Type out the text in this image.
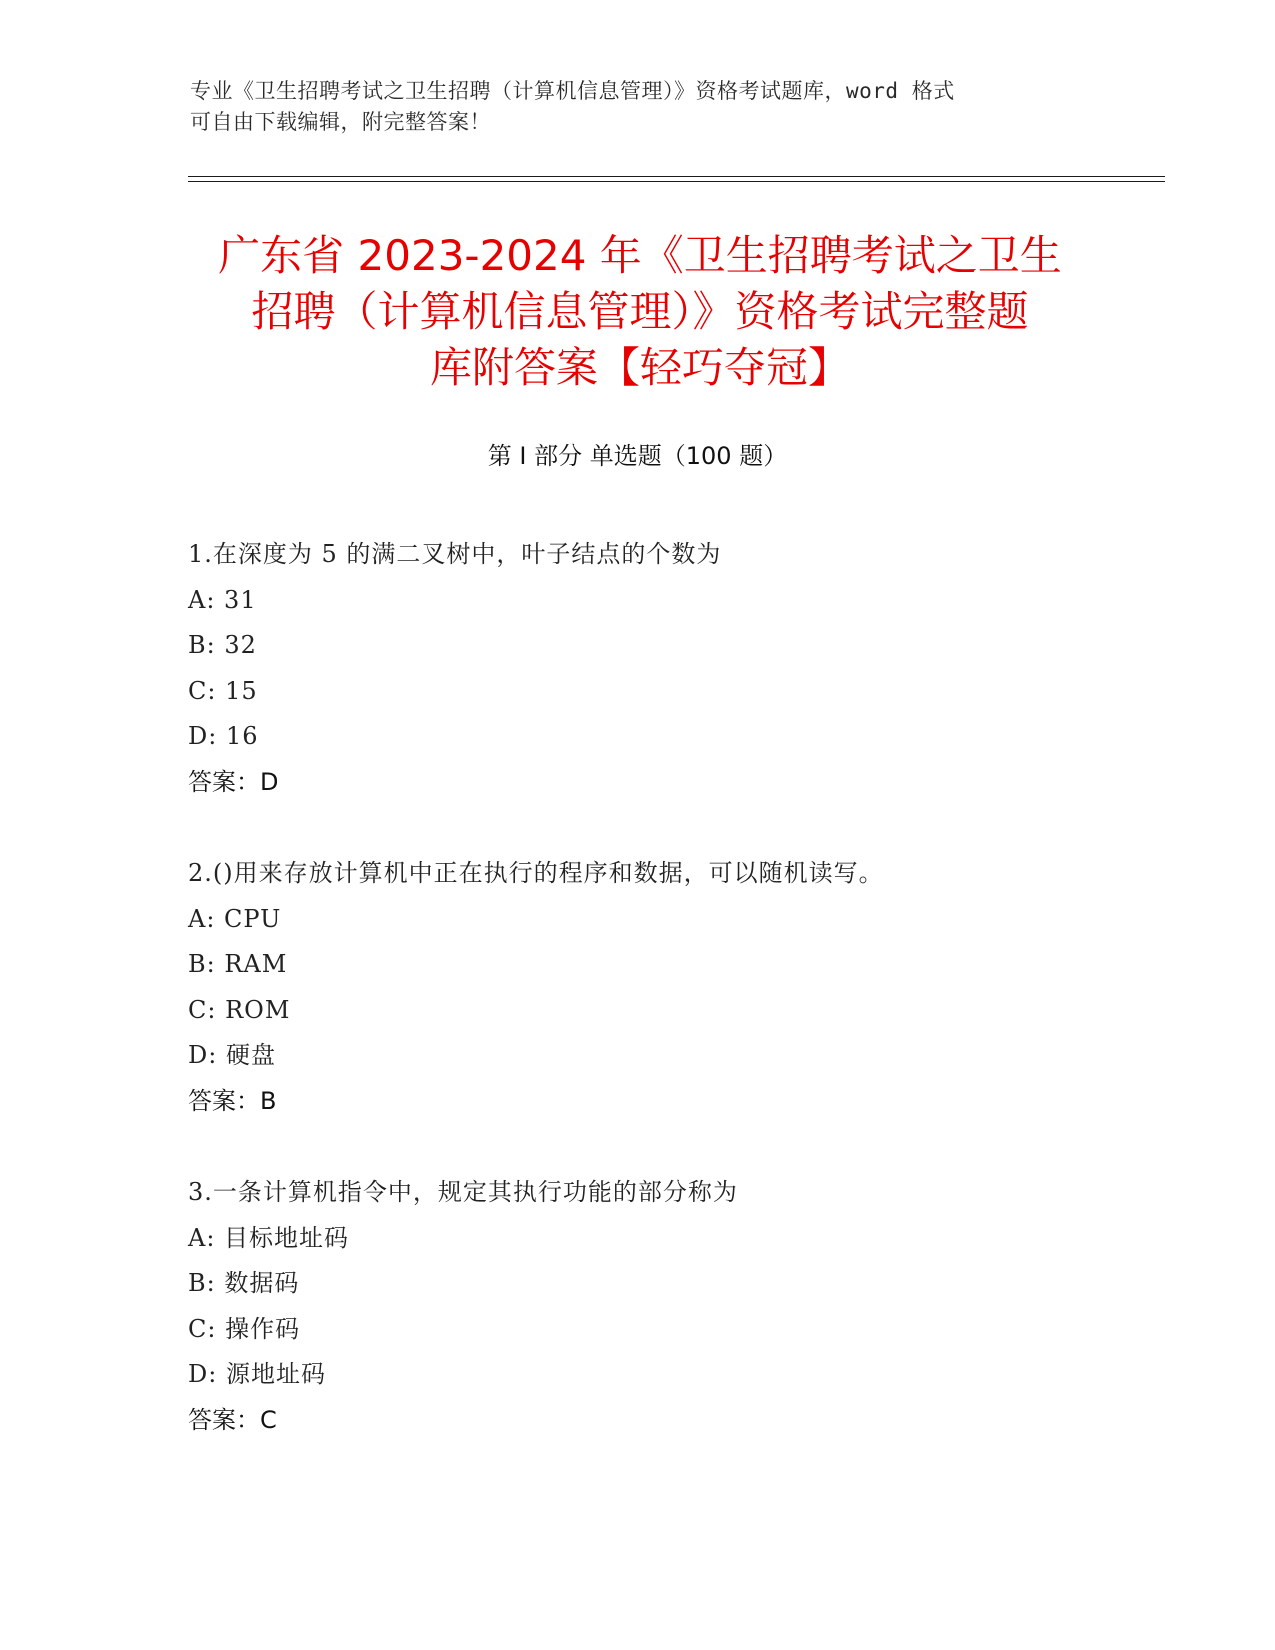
专业《卫生招聘考试之卫生招聘（计算机信息管理）》资格考试题库，word 格式
可自由下载编辑，附完整答案！
广东省 2023-2024 年《卫生招聘考试之卫生
招聘（计算机信息管理）》资格考试完整题
库附答案【轻巧夺冠】
第 I 部分 单选题（100 题）
1.在深度为 5 的满二叉树中，叶子结点的个数为
A: 31
B: 32
C: 15
D: 16
答案：D
2.()用来存放计算机中正在执行的程序和数据，可以随机读写。
A: CPU
B: RAM
C: ROM
D: 硬盘
答案：B
3.一条计算机指令中，规定其执行功能的部分称为
A: 目标地址码
B: 数据码
C: 操作码
D: 源地址码
答案：C
